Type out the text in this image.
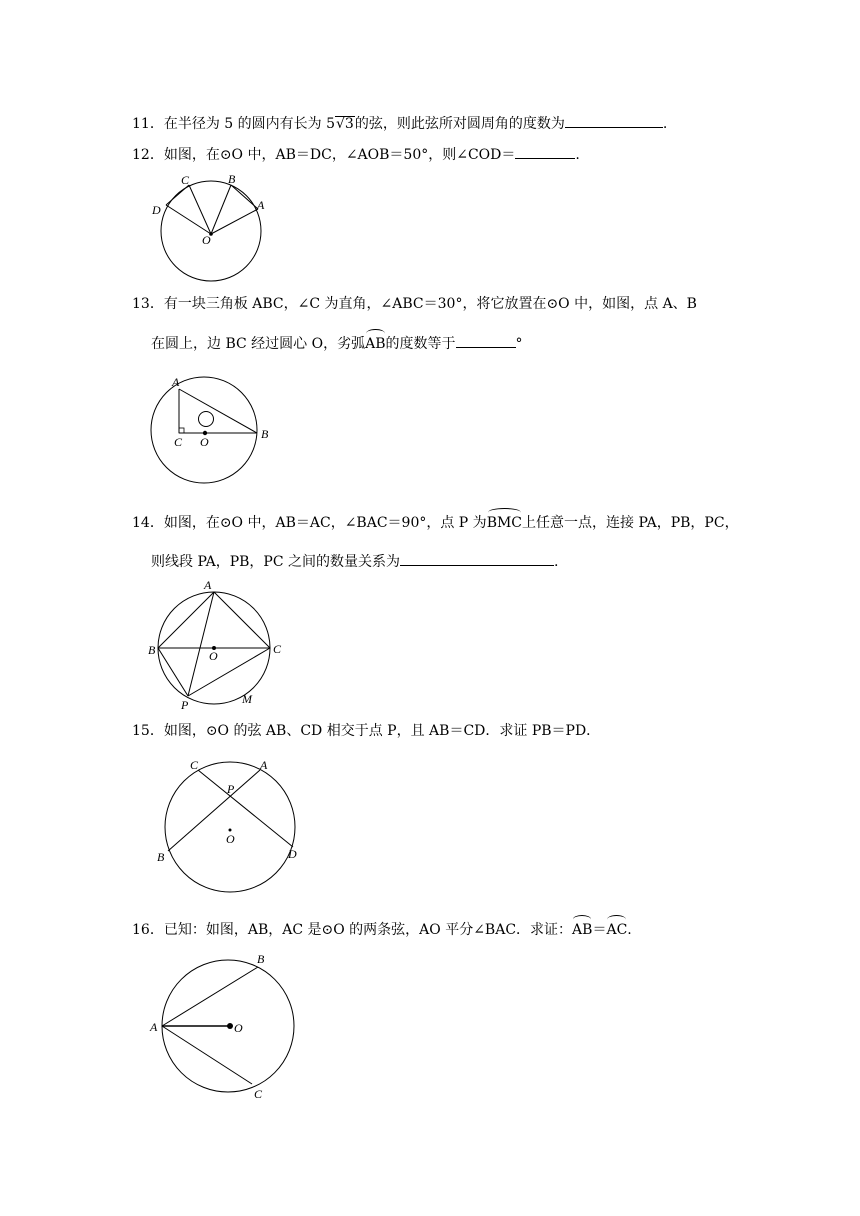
11．在半径为 5 的圆内有长为 5√3的弦，则此弦所对圆周角的度数为	.
12．如图，在⊙O 中，AB＝DC，∠AOB＝50°，则∠COD＝	.
C	B
D	A
O
13．有一块三角板 ABC，∠C 为直角，∠ABC＝30°，将它放置在⊙O 中，如图，点 A、B
在圆上，边 BC 经过圆心 O，劣弧AB的度数等于	°
A
B
C O
14．如图，在⊙O 中，AB＝AC，∠BAC＝90°，点 P 为BMC上任意一点，连接 PA，PB，PC，
则线段 PA，PB，PC 之间的数量关系为	.
A
B	C
O
P	M
15．如图，⊙O 的弦 AB、CD 相交于点 P，且 AB＝CD．求证 PB＝PD．
C	A
P
O
B	D
16．已知：如图，AB，AC 是⊙O 的两条弦，AO 平分∠BAC．求证：AB＝AC.
A
B
C
O
